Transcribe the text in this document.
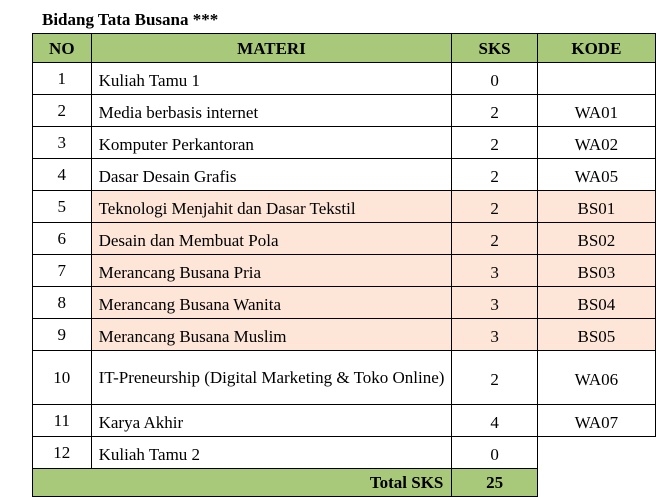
Bidang Tata Busana ***
NO	MATERI	SKS	KODE
1	Kuliah Tamu 1	0	
2	Media berbasis internet	2	WA01
3	Komputer Perkantoran	2	WA02
4	Dasar Desain Grafis	2	WA05
5	Teknologi Menjahit dan Dasar Tekstil	2	BS01
6	Desain dan Membuat Pola	2	BS02
7	Merancang Busana Pria	3	BS03
8	Merancang Busana Wanita	3	BS04
9	Merancang Busana Muslim	3	BS05
10	IT-Preneurship (Digital Marketing & Toko Online)	2	WA06
11	Karya Akhir	4	WA07
12	Kuliah Tamu 2	0	
Total SKS		25	
